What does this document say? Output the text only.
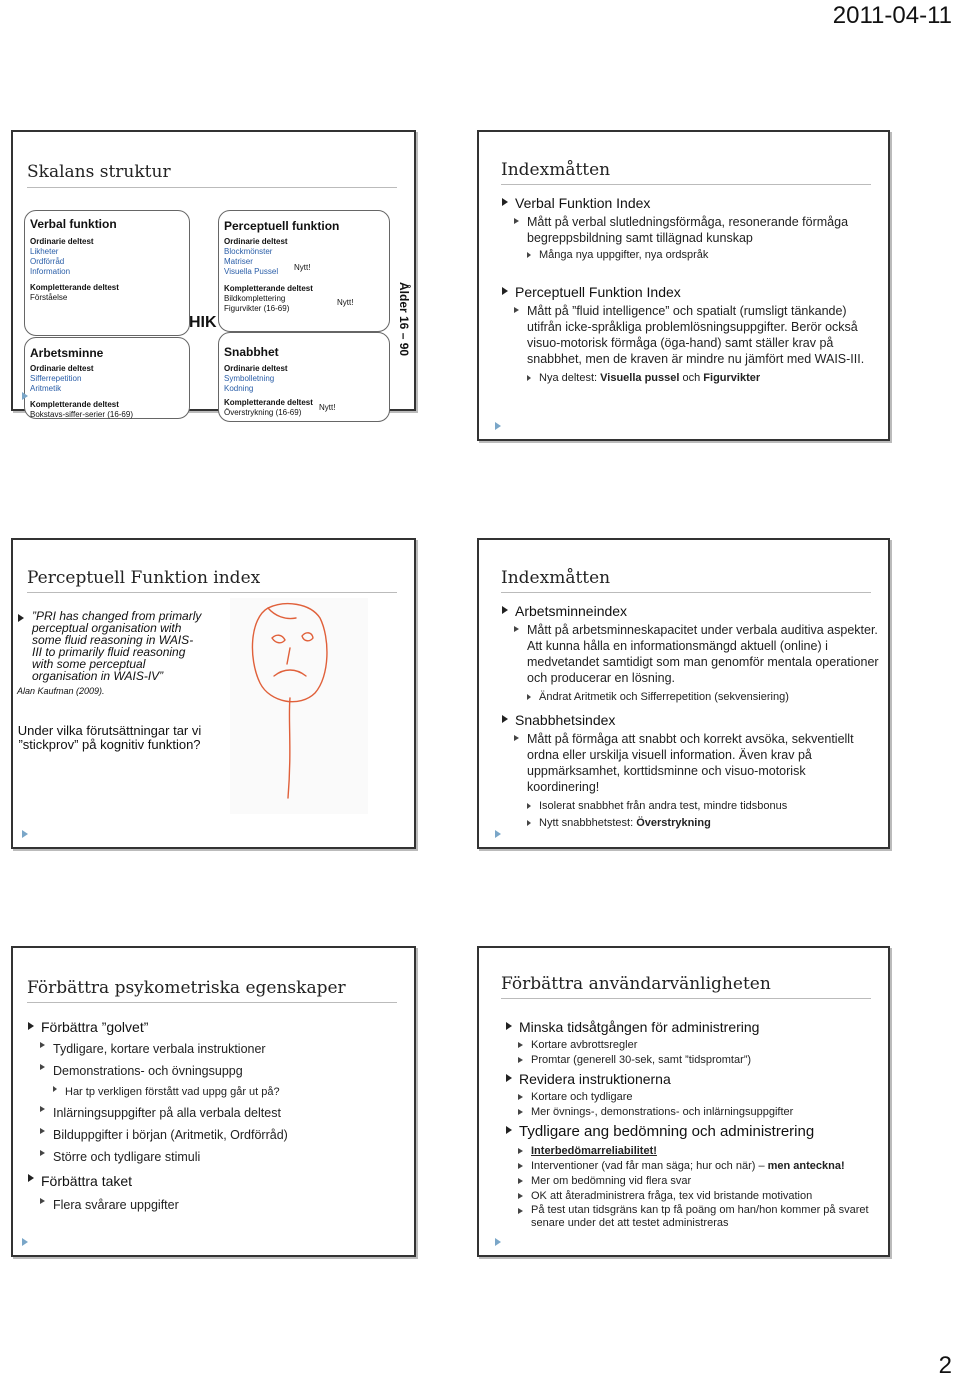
2011-04-11
Skalans struktur
Verbal funktion
Ordinarie deltest
Likheter
Ordförråd
Information
Kompletterande deltest
Förståelse
Arbetsminne
Ordinarie deltest
Sifferrepetition
Aritmetik
Kompletterande deltest
Bokstavs-siffer-serier (16-69)
HIK
Perceptuell funktion
Ordinarie deltest
Blockmönster
Matriser
Visuella Pussel
Kompletterande deltest
Bildkomplettering
Figurvikter (16-69)
Nytt!
Nytt!
Snabbhet
Ordinarie deltest
Symbolletning
Kodning
Kompletterande deltest
Överstrykning (16-69)
Nytt!
Ålder 16 – 90
Indexmåtten
Verbal Funktion Index
Mått på verbal slutledningsförmåga, resonerande förmåga begreppsbildning samt tillägnad kunskap
Många nya uppgifter, nya ordspråk
Perceptuell Funktion Index
Mått på ”fluid intelligence” och spatialt (rumsligt tänkande) utifrån icke-språkliga problemlösningsuppgifter. Berör också visuo-motorisk förmåga (öga-hand) samt ställer krav på snabbhet, men de kraven är mindre nu jämfört med WAIS-III.
Nya deltest: Visuella pussel och Figurvikter
Perceptuell Funktion index
”PRI has changed from primarly perceptual organisation with some fluid reasoning in WAIS-III to primarily fluid reasoning with some perceptual organisation in WAIS-IV”
Alan Kaufman (2009).
Under vilka förutsättningar tar vi ”stickprov” på kognitiv funktion?
Indexmåtten
Arbetsminneindex
Mått på arbetsminneskapacitet under verbala auditiva aspekter. Att kunna hålla en informationsmängd aktuell (online) i medvetandet samtidigt som man genomför mentala operationer och producerar en lösning.
Ändrat Aritmetik och Sifferrepetition (sekvensiering)
Snabbhetsindex
Mått på förmåga att snabbt och korrekt avsöka, sekventiellt ordna eller urskilja visuell information. Även krav på uppmärksamhet, korttidsminne och visuo-motorisk koordinering!
Isolerat snabbhet från andra test, mindre tidsbonus
Nytt snabbhetstest: Överstrykning
Förbättra psykometriska egenskaper
Förbättra ”golvet”
Tydligare, kortare verbala instruktioner
Demonstrations- och övningsuppg
Har tp verkligen förstått vad uppg går ut på?
Inlärningsuppgifter på alla verbala deltest
Bilduppgifter i början (Aritmetik, Ordförråd)
Större och tydligare stimuli
Förbättra taket
Flera svårare uppgifter
Förbättra användarvänligheten
Minska tidsåtgången för administrering
Kortare avbrottsregler
Promtar (generell 30-sek, samt ”tidspromtar”)
Revidera instruktionerna
Kortare och tydligare
Mer övnings-, demonstrations- och inlärningsuppgifter
Tydligare ang bedömning och administrering
Interbedömarreliabilitet!
Interventioner (vad får man säga; hur och när) – men anteckna!
Mer om bedömning vid flera svar
OK att återadministrera fråga, tex vid bristande motivation
På test utan tidsgräns kan tp få poäng om han/hon kommer på svaret senare under det att testet administreras
2
